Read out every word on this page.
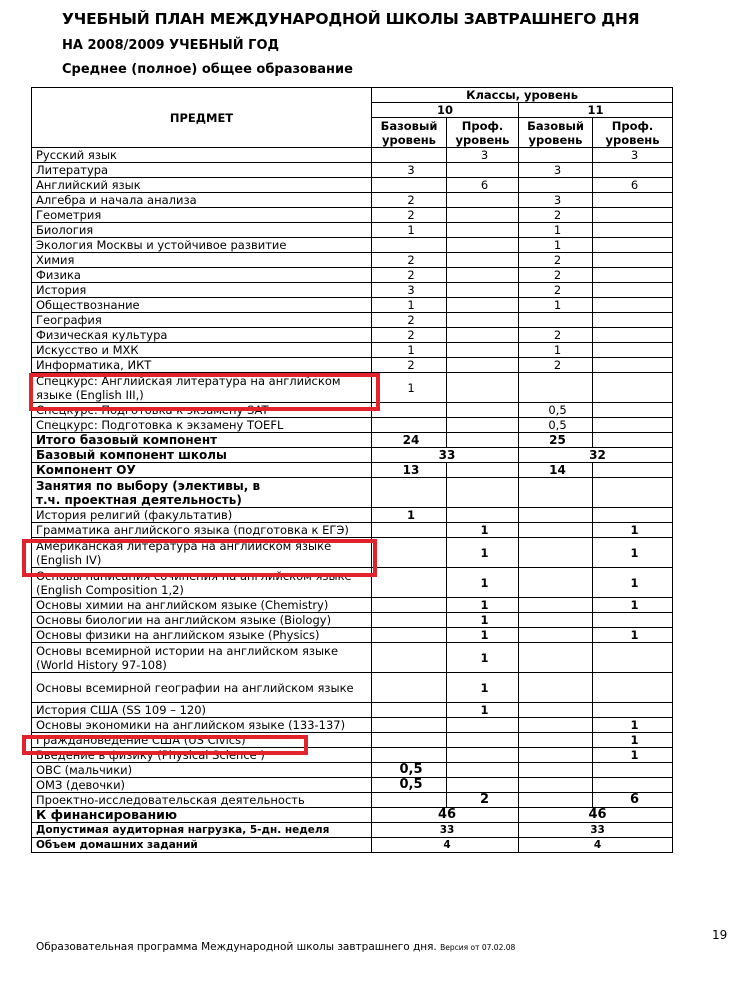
УЧЕБНЫЙ ПЛАН МЕЖДУНАРОДНОЙ ШКОЛЫ ЗАВТРАШНЕГО ДНЯ
НА 2008/2009 УЧЕБНЫЙ ГОД
Среднее (полное) общее образование
ПРЕДМЕТ	Классы, уровень			
	10		11	
	Базовый уровень	Проф. уровень	Базовый уровень	Проф. уровень
Русский язык		3		3
Литература	3		3	
Английский язык		6		6
Алгебра и начала анализа	2		3	
Геометрия	2		2	
Биология	1		1	
Экология Москвы и устойчивое развитие			1	
Химия	2		2	
Физика	2		2	
История	3		2	
Обществознание	1		1	
География	2			
Физическая культура	2		2	
Искусство и МХК	1		1	
Информатика, ИКТ	2		2	
Спецкурс: Английская литература на английском языке (English III,)	1			
Спецкурс: Подготовка к экзамену SAT			0,5	
Спецкурс: Подготовка к экзамену TOEFL			0,5	
Итого базовый компонент	24		25	
Базовый компонент школы	33		32	
Компонент ОУ	13		14	
Занятия по выбору (элективы, в т.ч. проектная деятельность)				
История религий (факультатив)	1			
Грамматика английского языка (подготовка к ЕГЭ)		1		1
Американская литература на английском языке (English IV)		1		1
Основы написания сочинения на английском языке (English Composition 1,2)		1		1
Основы химии на английском языке (Chemistry)		1		1
Основы биологии на английском языке (Biology)		1		
Основы физики на английском языке (Physics)		1		1
Основы всемирной истории на английском языке (World History 97-108)		1		
Основы всемирной географии на английском языке		1		
История США (SS 109 – 120)		1		
Основы экономики на английском языке (133-137)				1
Граждановедение США (US Civics)				1
Введение в физику (Physical Science )				1
ОВС (мальчики)	0,5			
ОМЗ (девочки)	0,5			
Проектно-исследовательская деятельность		2		6
К финансированию	46		46	
Допустимая аудиторная нагрузка, 5-дн. неделя	33		33	
Объем домашних заданий	4		4	
Образовательная программа Международной школы завтрашнего дня. Версия от 07.02.08
19
